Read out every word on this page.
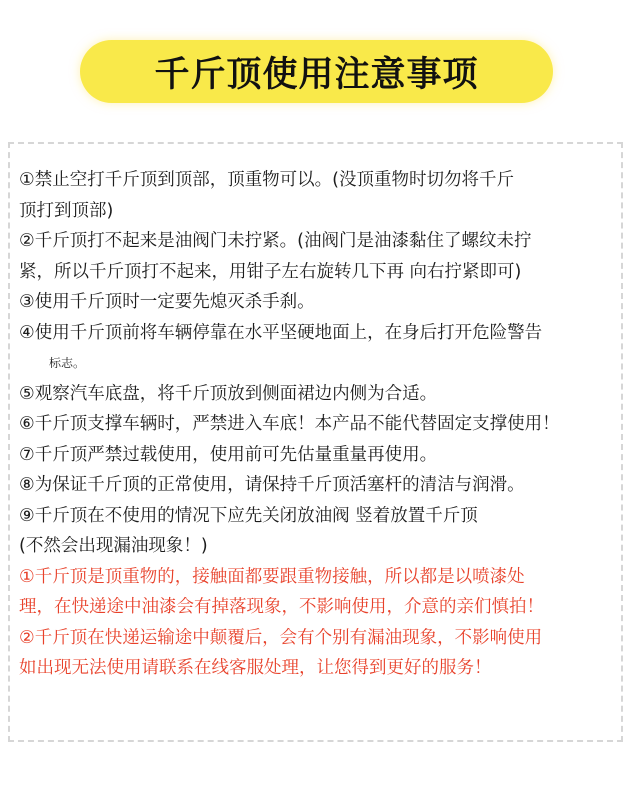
千斤顶使用注意事项
①禁止空打千斤顶到顶部，顶重物可以。(没顶重物时切勿将千斤
顶打到顶部)
②千斤顶打不起来是油阀门未拧紧。(油阀门是油漆黏住了螺纹未拧
紧，所以千斤顶打不起来，用钳子左右旋转几下再 向右拧紧即可)
③使用千斤顶时一定要先熄灭杀手刹。
④使用千斤顶前将车辆停靠在水平坚硬地面上，在身后打开危险警告
标志。
⑤观察汽车底盘，将千斤顶放到侧面裙边内侧为合适。
⑥千斤顶支撑车辆时，严禁进入车底！本产品不能代替固定支撑使用！
⑦千斤顶严禁过载使用，使用前可先估量重量再使用。
⑧为保证千斤顶的正常使用，请保持千斤顶活塞杆的清洁与润滑。
⑨千斤顶在不使用的情况下应先关闭放油阀 竖着放置千斤顶
(不然会出现漏油现象！)
①千斤顶是顶重物的，接触面都要跟重物接触，所以都是以喷漆处
理，在快递途中油漆会有掉落现象，不影响使用，介意的亲们慎拍！
②千斤顶在快递运输途中颠覆后，会有个别有漏油现象，不影响使用
如出现无法使用请联系在线客服处理，让您得到更好的服务！
